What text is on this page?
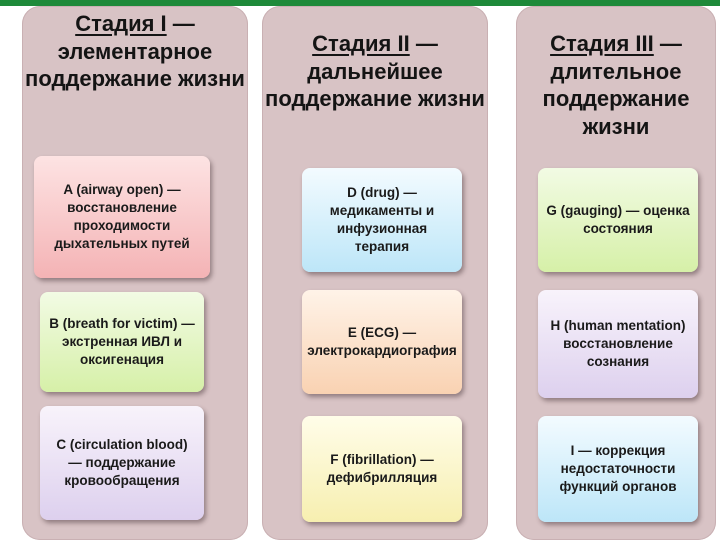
Стадия I — элементарное поддержание жизни
A (airway open) — восстановление проходимости дыхательных путей
B (breath for victim) — экстренная ИВЛ и оксигенация
C (circulation blood) — поддержание кровообращения
Стадия II — дальнейшее поддержание жизни
D (drug) — медикаменты и инфузионная терапия
E (ECG) — электрокардиография
F (fibrillation) — дефибрилляция
Стадия III — длительное поддержание жизни
G (gauging) — оценка состояния
H (human mentation) восстановление сознания
I — коррекция недостаточности функций органов
